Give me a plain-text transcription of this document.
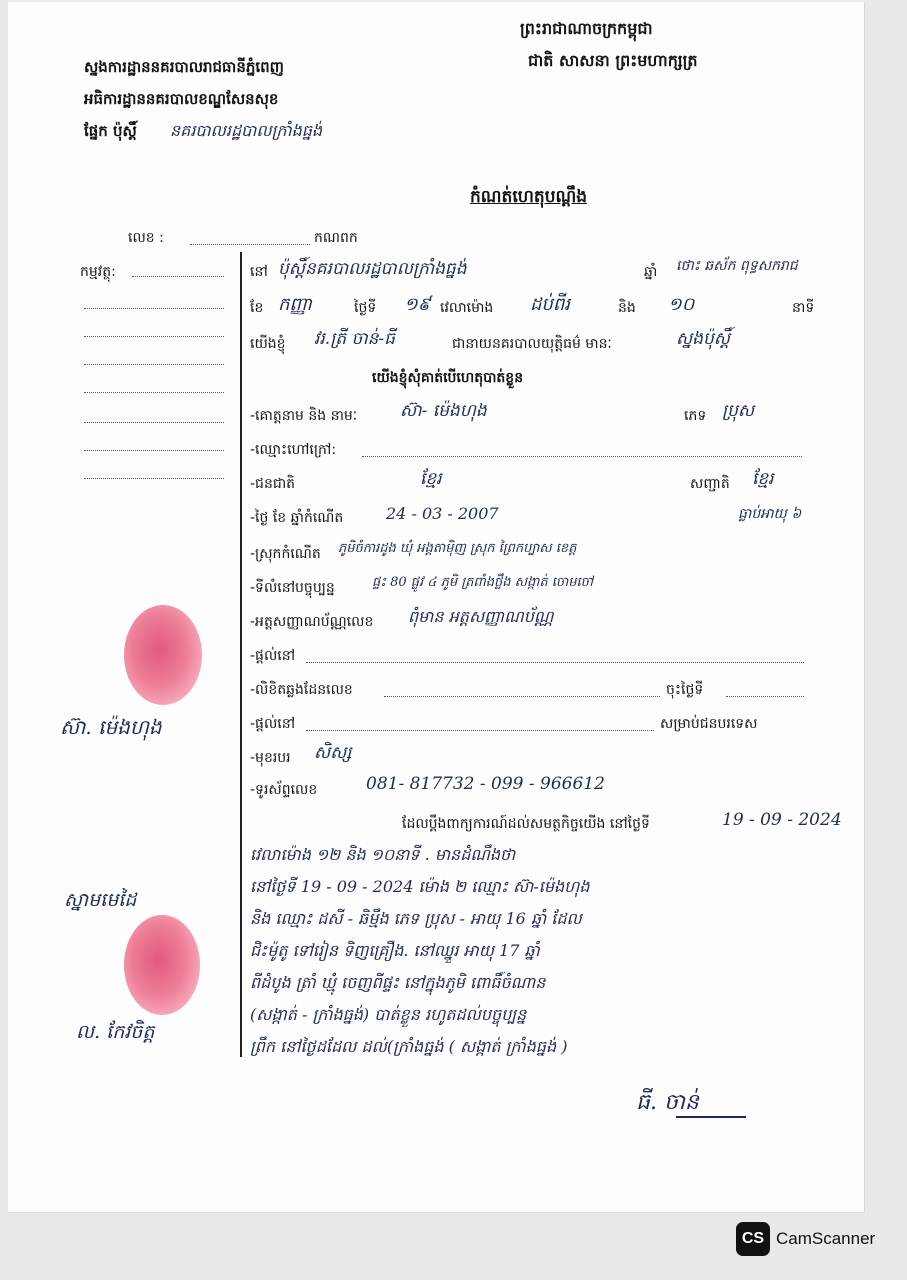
ព្រះរាជាណាចក្រកម្ពុជា
ជាតិ សាសនា ព្រះមហាក្សត្រ
ស្នងការដ្ឋាននគរបាលរាជធានីភ្នំពេញ
អធិការដ្ឋាននគរបាលខណ្ឌសែនសុខ
ផ្នែក ប៉ុស្តិ៍ នគរបាលរដ្ឋបាលក្រាំងធ្នង់
កំណត់ហេតុបណ្តឹង
លេខ :	កណពក
កម្មវត្ថុ:
ស៊ា. ម៉េងហុង
ស្នាមមេដៃ
ល. កែវចិត្ត
នៅ ប៉ុស្តិ៍នគរបាលរដ្ឋបាលក្រាំងធ្នង់	ឆ្នាំ ថោះ ឆស័ក ពុទ្ធសករាជ
ខែ កញ្ញា	ថ្ងៃទី ១៩ វេលាម៉ោង ដប់ពីរ	និង ១០	នាទី
យើងខ្ញុំ វរ.ត្រី ចាន់-ធី	ជានាយនគរបាលយុត្តិធម៌ មានៈ	ស្នងប៉ុស្តិ៍
យើងខ្ញុំសុំគាត់បើហេតុបាត់ខ្លួន
-គោត្តនាម និង នាមៈ	ស៊ា- ម៉េងហុង	ភេទ ប្រុស
-ឈ្មោះហៅក្រៅ:
-ជនជាតិ	ខ្មែរ	សញ្ជាតិ ខ្មែរ
-ថ្ងៃ ខែ ឆ្នាំកំណើត	24 - 03 - 2007	ធ្លាប់អាយុ ៦
-ស្រុកកំណើត ភូមិចំការដូង ឃុំ អង្គតាម៉ិញ ស្រុក ព្រៃកប្បាស ខេត្ត
-ទីលំនៅបច្ចុប្បន្ន	ផ្ទះ 80 ផ្លូវ ៤ ភូមិ ត្រពាំងថ្លឹង សង្កាត់ ចោមចៅ
-អត្តសញ្ញាណប័ណ្ណលេខ ពុំមាន អត្តសញ្ញាណប័ណ្ណ
-ផ្តល់នៅ
-លិខិតឆ្លងដែនលេខ	ចុះថ្ងៃទី
-ផ្តល់នៅ	សម្រាប់ជនបរទេស
-មុខរបរ សិស្ស
-ទូរស័ព្ទលេខ	081- 817732 - 099 - 966612
ដែលប្តឹងពាក្យការណ៍ដល់សមត្ថកិច្ចយើង នៅថ្ងៃទី	19 - 09 - 2024
វេលាម៉ោង ១២ និង ១០នាទី . មានដំណឹងថា
នៅថ្ងៃទី 19 - 09 - 2024 ម៉ោង ២ ឈ្មោះ ស៊ា-ម៉េងហុង
និង ឈ្មោះ ដសី - ឆិម្មឹង ភេទ ប្រុស - អាយុ 16 ឆ្នាំ ដែល
ជិះម៉ូតូ ទៅរៀន ទិញគ្រឿង. នៅឈ្នួរ អាយុ 17 ឆ្នាំ
ពីដំបូង ត្រាំ ឃ្មុំ ចេញពីផ្ទះ នៅក្នុងភូមិ ពោធិ៍ចំណាន
(សង្កាត់ - ក្រាំងធ្នង់) បាត់ខ្លួន រហូតដល់បច្ចុប្បន្ន
ព្រឹក នៅថ្ងៃដដែល ដល់(ក្រាំងធ្នង់ ( សង្កាត់ ក្រាំងធ្នង់ )
ធី. ចាន់
CS CamScanner
